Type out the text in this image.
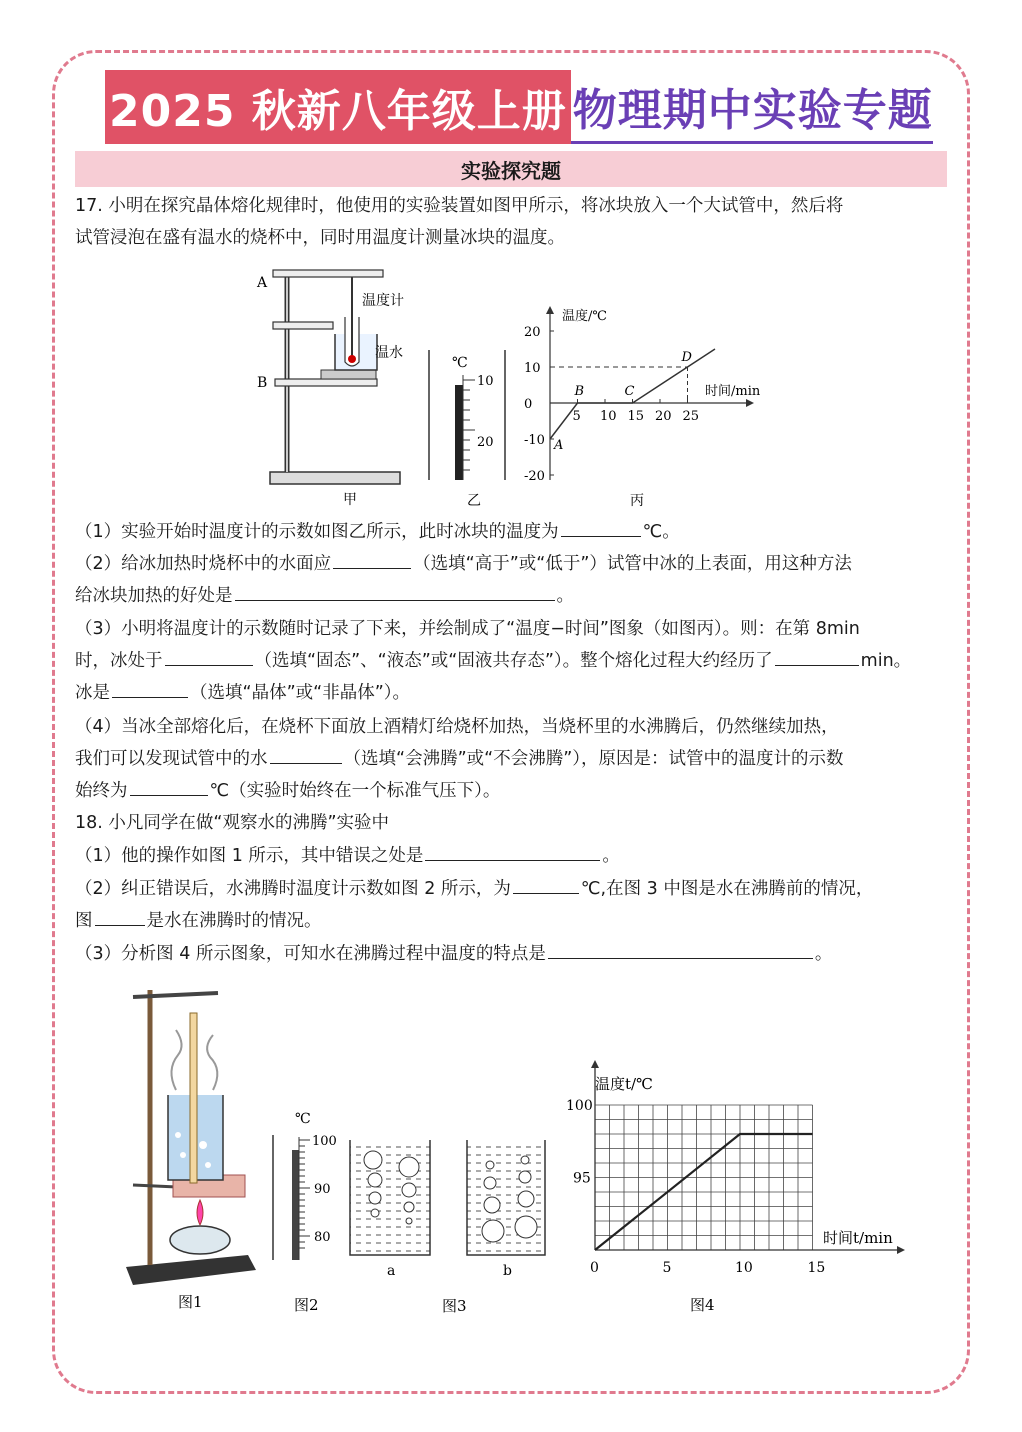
2025 秋新八年级上册 物理期中实验专题
实验探究题
17. 小明在探究晶体熔化规律时，他使用的实验装置如图甲所示，将冰块放入一个大试管中，然后将
试管浸泡在盛有温水的烧杯中，同时用温度计测量冰块的温度。
A
B
温度计
温水
甲
℃
10
20
乙
温度/℃
时间/min
5 10 15 20 25
20
10
0
-10
-20
A
B	C
D
丙
（1）实验开始时温度计的示数如图乙所示，此时冰块的温度为	℃。
（2）给冰加热时烧杯中的水面应	（选填“高于”或“低于”）试管中冰的上表面，用这种方法
给冰块加热的好处是	。
（3）小明将温度计的示数随时记录了下来，并绘制成了“温度−时间”图象（如图丙）。则：在第 8min
时，冰处于	（选填“固态”、“液态”或“固液共存态”）。整个熔化过程大约经历了	min。
冰是	（选填“晶体”或“非晶体”）。
（4）当冰全部熔化后，在烧杯下面放上酒精灯给烧杯加热，当烧杯里的水沸腾后，仍然继续加热，
我们可以发现试管中的水	（选填“会沸腾”或“不会沸腾”），原因是：试管中的温度计的示数
始终为	℃（实验时始终在一个标准气压下）。
18. 小凡同学在做“观察水的沸腾”实验中
（1）他的操作如图 1 所示，其中错误之处是	。
（2）纠正错误后，水沸腾时温度计示数如图 2 所示，为	℃,在图 3 中图是水在沸腾前的情况，
图	是水在沸腾时的情况。
（3）分析图 4 所示图象，可知水在沸腾过程中温度的特点是	。
图1
℃
100
90
80
图2
a	b
图3
温度t/℃
时间t/min
0	5	10	15
100
95
图4
